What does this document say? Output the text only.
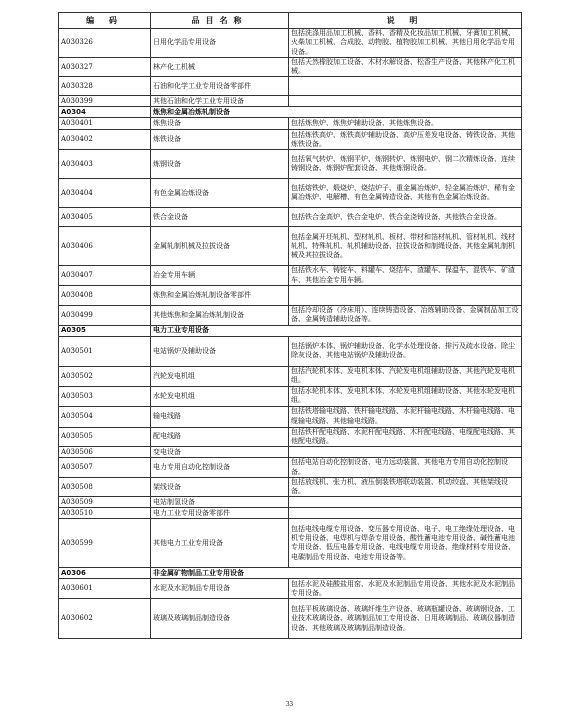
编 码	品目名称	说 明
A030326	日用化学品专用设备	包括洗涤用品加工机械、香料、香精及化妆品加工机械、牙膏加工机械、火柴加工机械、合成胶、动物胶、植物胶加工机械、其他日用化学品专用设备。
A030327	林产化工机械	包括天然橡胶加工设备、木材水解设备、松香生产设备、其他林产化工机械。
A030328	石油和化学工业专用设备零部件	
A030399	其他石油和化学工业专用设备	
A0304	炼焦和金属冶炼轧制设备	
A030401	炼焦设备	包括炼焦炉、炼焦炉辅助设备、其他炼焦设备。
A030402	炼铁设备	包括炼铁高炉、炼铁高炉辅助设备、高炉压差发电设备、铸铁设备、其他炼铁设备。
A030403	炼钢设备	包括氧气转炉、炼钢平炉、炼钢转炉、炼钢电炉、钢二次精炼设备、连续铸钢设备、炼钢炉配套设备、其他炼钢设备。
A030404	有色金属冶炼设备	包括熔铁炉、煅烧炉、烧结炉子、重金属冶炼炉、轻金属冶炼炉、稀有金属冶炼炉、电解槽、有色金属铸造设备、其他有色金属冶炼设备。
A030405	铁合金设备	包括铁合金高炉、铁合金电炉、铁合金浇铸设备、其他铁合金设备。
A030406	金属轧制机械及拉拔设备	包括金属开坯轧机、型材轧机、板材、带材和箔材轧机、管材轧机、线材轧机、特殊轧机、轧机辅助设备、拉拔设备和制绳设备、其他金属轧制机械及其拉拔设备。
A030407	冶金专用车辆	包括铁水车、铸锭车、料罐车、烧结车、渣罐车、保温车、混铁车、矿渣车、其他冶金专用车辆。
A030408	炼焦和金属冶炼轧制设备零部件	
A030499	其他炼焦和金属冶炼轧制设备	包括冷却设备（冷床用）、连续铸造设备、冶炼辅助设备、金属制品加工设备、金属铸造辅助设备等。
A0305	电力工业专用设备	
A030501	电站锅炉及辅助设备	包括锅炉本体、锅炉辅助设备、化学水处理设备、排污及疏水设备、除尘除灰设备、其他电站锅炉及辅助设备。
A030502	汽轮发电机组	包括汽轮机本体、发电机本体、汽轮发电机组辅助设备、其他汽轮发电机组。
A030503	水轮发电机组	包括水轮机本体、发电机本体、水轮发电机组辅助设备、其他水轮发电机组。
A030504	输电线路	包括铁塔输电线路、铁杆输电线路、水泥杆输电线路、木杆输电线路、电缆输电线路、其他输电线路。
A030505	配电线路	包括铁杆配电线路、水泥杆配电线路、木杆配电线路、电缆配电线路、其他配电线路。
A030506	变电设备	
A030507	电力专用自动化控制设备	包括电站自动化控制设备、电力远动装置、其他电力专用自动化控制设备。
A030508	架线设备	包括放线机、张力机、液压倒装铁塔联动装置、机动绞盘、其他架线设备。
A030509	电站制氢设备	
A030510	电力工业专用设备零部件	
A030599	其他电力工业专用设备	包括电线电缆专用设备、变压器专用设备、电子、电工绝缘处理设备、电机专用设备、电焊机与焊条专用设备、酸性蓄电池专用设备、碱性蓄电池专用设备、低压电器专用设备、电线电缆专用设备、绝缘材料专用设备、电碳制品专用设备、电池专用设备等。
A0306	非金属矿物制品工业专用设备	
A030601	水泥及水泥制品专用设备	包括水泥及硅酸盐用窑、水泥及水泥制品专用设备、其他水泥及水泥制品专用设备。
A030602	玻璃及玻璃制品制造设备	包括平板玻璃设备、玻璃纤维生产设备、玻璃瓶罐设备、玻璃钢设备、工业技术玻璃设备、玻璃制品加工专用设备、日用玻璃制品、玻璃仪器制造设备、其他玻璃及玻璃制品制造设备。
33
